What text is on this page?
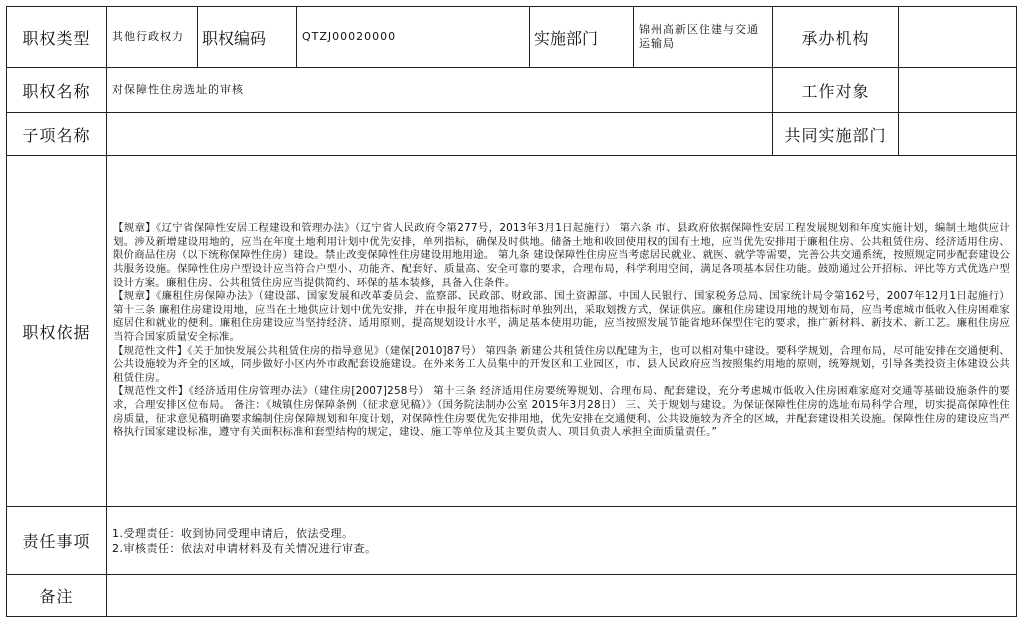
职权类型	其他行政权力	职权编码	QTZJ00020000	实施部门	锦州高新区住建与交通运输局	承办机构	
职权名称	对保障性住房选址的审核					工作对象	
子项名称						共同实施部门	
职权依据	【规章】《辽宁省保障性安居工程建设和管理办法》（辽宁省人民政府令第277号，2013年3月1日起施行） 第六条 市、县政府依据保障性安居工程发展规划和年度实施计划，编制土地供应计划。涉及新增建设用地的，应当在年度土地利用计划中优先安排，单列指标，确保及时供地。储备土地和收回使用权的国有土地，应当优先安排用于廉租住房、公共租赁住房、经济适用住房、限价商品住房（以下统称保障性住房）建设。禁止改变保障性住房建设用地用途。 第九条 建设保障性住房应当考虑居民就业、就医、就学等需要，完善公共交通系统，按照规定同步配套建设公共服务设施。保障性住房户型设计应当符合户型小、功能齐、配套好、质量高、安全可靠的要求，合理布局，科学利用空间，满足各项基本居住功能。鼓励通过公开招标、评比等方式优选户型设计方案。廉租住房、公共租赁住房应当提供简约、环保的基本装修，具备入住条件。

【规章】《廉租住房保障办法》（建设部、国家发展和改革委员会、监察部、民政部、财政部、国土资源部、中国人民银行、国家税务总局、国家统计局令第162号，2007年12月1日起施行） 第十三条 廉租住房建设用地，应当在土地供应计划中优先安排，并在申报年度用地指标时单独列出，采取划拨方式，保证供应。廉租住房建设用地的规划布局，应当考虑城市低收入住房困难家庭居住和就业的便利。廉租住房建设应当坚持经济、适用原则，提高规划设计水平，满足基本使用功能，应当按照发展节能省地环保型住宅的要求，推广新材料、新技术、新工艺。廉租住房应当符合国家质量安全标准。

【规范性文件】《关于加快发展公共租赁住房的指导意见》（建保[2010]87号） 第四条 新建公共租赁住房以配建为主，也可以相对集中建设。要科学规划，合理布局，尽可能安排在交通便利、公共设施较为齐全的区域，同步做好小区内外市政配套设施建设。在外来务工人员集中的开发区和工业园区，市、县人民政府应当按照集约用地的原则，统筹规划，引导各类投资主体建设公共租赁住房。

【规范性文件】《经济适用住房管理办法》（建住房[2007]258号） 第十三条 经济适用住房要统筹规划、合理布局、配套建设，充分考虑城市低收入住房困难家庭对交通等基础设施条件的要求，合理安排区位布局。 备注：《城镇住房保障条例（征求意见稿）》（国务院法制办公室 2015年3月28日） 三、关于规划与建设。为保证保障性住房的选址布局科学合理，切实提高保障性住房质量，征求意见稿明确要求编制住房保障规划和年度计划，对保障性住房要优先安排用地，优先安排在交通便利、公共设施较为齐全的区域，并配套建设相关设施。保障性住房的建设应当严格执行国家建设标准，遵守有关面积标准和套型结构的规定，建设、施工等单位及其主要负责人、项目负责人承担全面质量责任。”						

责任事项	1.受理责任：收到协同受理申请后，依法受理。

2.审核责任：依法对申请材料及有关情况进行审查。						

备注							
